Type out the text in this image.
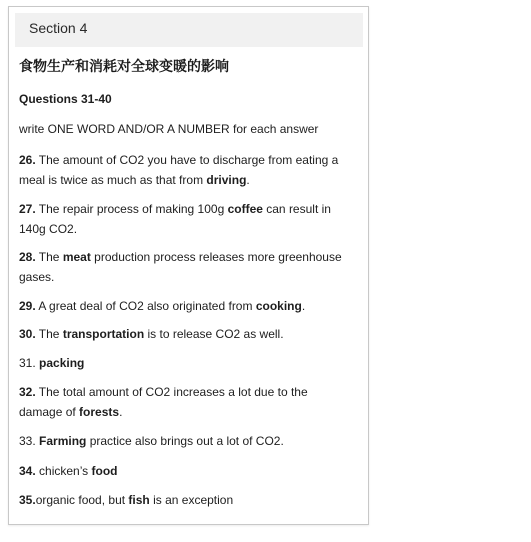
Section 4
食物生产和消耗对全球变暖的影响
Questions 31-40
write ONE WORD AND/OR A NUMBER for each answer
26. The amount of CO2 you have to discharge from eating a meal is twice as much as that from driving.
27. The repair process of making 100g coffee can result in 140g CO2.
28. The meat production process releases more greenhouse gases.
29. A great deal of CO2 also originated from cooking.
30. The transportation is to release CO2 as well.
31. packing
32. The total amount of CO2 increases a lot due to the damage of forests.
33. Farming practice also brings out a lot of CO2.
34. chicken’s food
35.organic food, but fish is an exception
